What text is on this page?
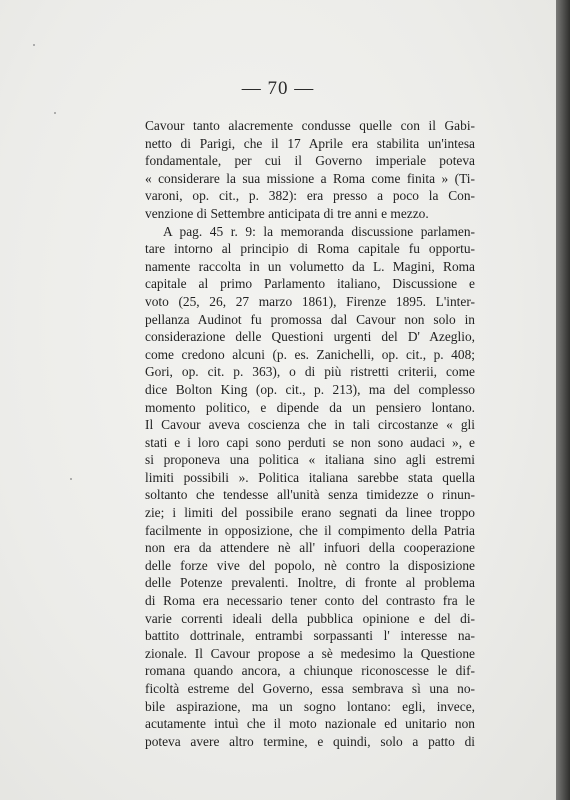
— 70 —
Cavour tanto alacremente condusse quelle con il Gabi-
netto di Parigi, che il 17 Aprile era stabilita un'intesa
fondamentale, per cui il Governo imperiale poteva
« considerare la sua missione a Roma come finita » (Ti-
varoni, op. cit., p. 382): era presso a poco la Con-
venzione di Settembre anticipata di tre anni e mezzo.
A pag. 45 r. 9: la memoranda discussione parlamen-
tare intorno al principio di Roma capitale fu opportu-
namente raccolta in un volumetto da L. Magini, Roma
capitale al primo Parlamento italiano, Discussione e
voto (25, 26, 27 marzo 1861), Firenze 1895. L'inter-
pellanza Audinot fu promossa dal Cavour non solo in
considerazione delle Questioni urgenti del D' Azeglio,
come credono alcuni (p. es. Zanichelli, op. cit., p. 408;
Gori, op. cit. p. 363), o di più ristretti criterii, come
dice Bolton King (op. cit., p. 213), ma del complesso
momento politico, e dipende da un pensiero lontano.
Il Cavour aveva coscienza che in tali circostanze « gli
stati e i loro capi sono perduti se non sono audaci », e
si proponeva una politica « italiana sino agli estremi
limiti possibili ». Politica italiana sarebbe stata quella
soltanto che tendesse all'unità senza timidezze o rinun-
zie; i limiti del possibile erano segnati da linee troppo
facilmente in opposizione, che il compimento della Patria
non era da attendere nè all' infuori della cooperazione
delle forze vive del popolo, nè contro la disposizione
delle Potenze prevalenti. Inoltre, di fronte al problema
di Roma era necessario tener conto del contrasto fra le
varie correnti ideali della pubblica opinione e del di-
battito dottrinale, entrambi sorpassanti l' interesse na-
zionale. Il Cavour propose a sè medesimo la Questione
romana quando ancora, a chiunque riconoscesse le dif-
ficoltà estreme del Governo, essa sembrava sì una no-
bile aspirazione, ma un sogno lontano: egli, invece,
acutamente intuì che il moto nazionale ed unitario non
poteva avere altro termine, e quindi, solo a patto di
